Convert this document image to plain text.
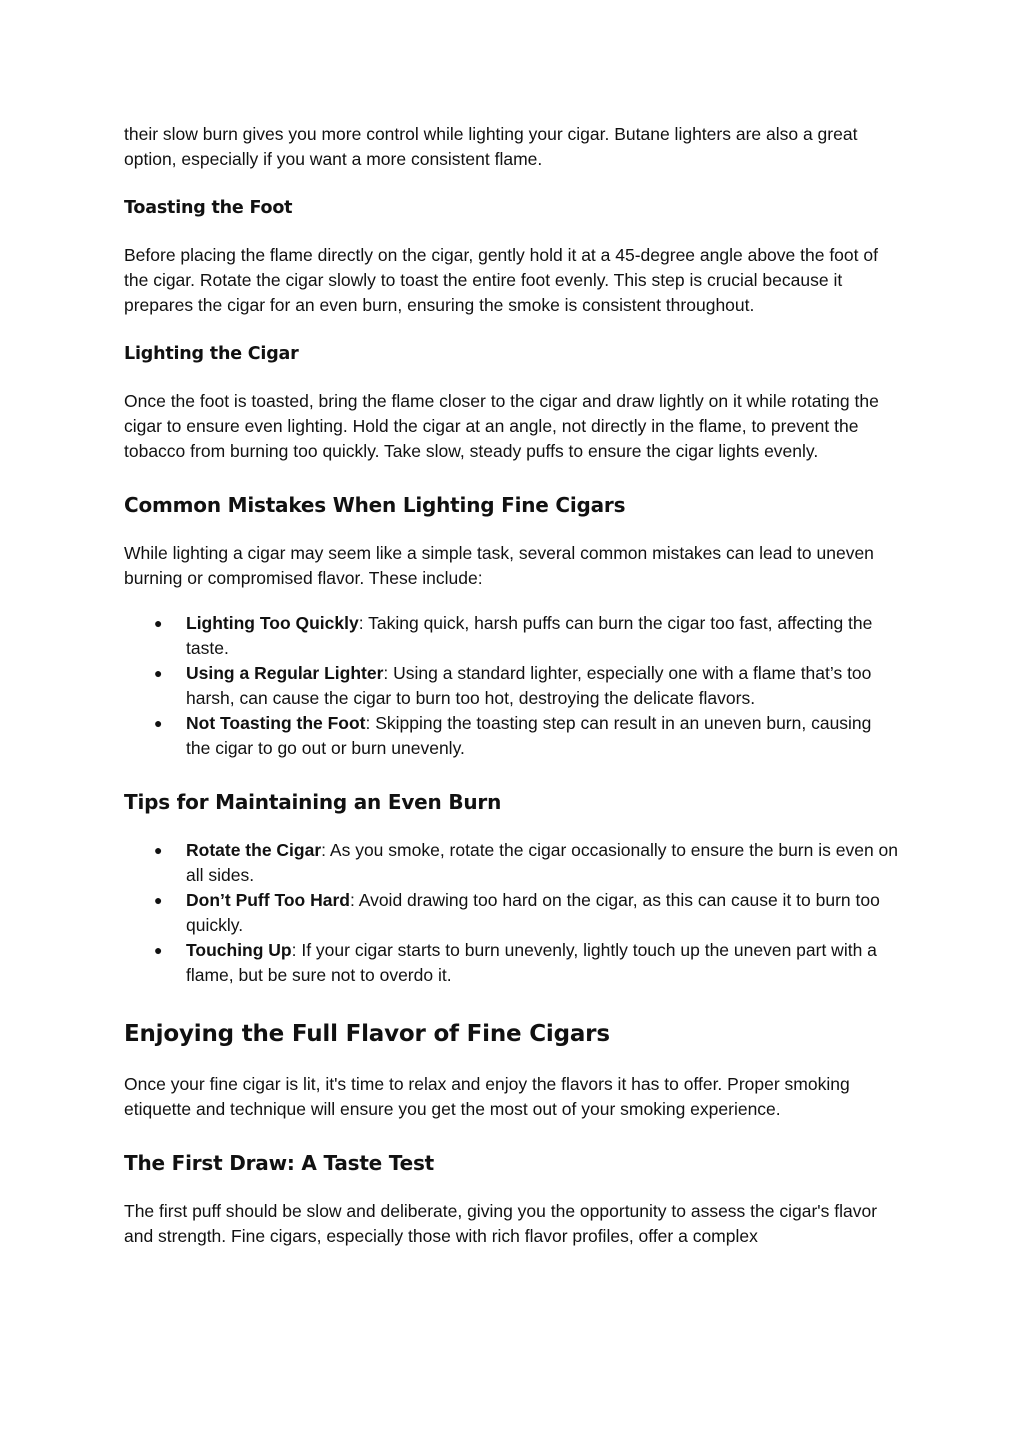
their slow burn gives you more control while lighting your cigar. Butane lighters are also a great option, especially if you want a more consistent flame.

Toasting the Foot

Before placing the flame directly on the cigar, gently hold it at a 45-degree angle above the foot of the cigar. Rotate the cigar slowly to toast the entire foot evenly. This step is crucial because it prepares the cigar for an even burn, ensuring the smoke is consistent throughout.

Lighting the Cigar

Once the foot is toasted, bring the flame closer to the cigar and draw lightly on it while rotating the cigar to ensure even lighting. Hold the cigar at an angle, not directly in the flame, to prevent the tobacco from burning too quickly. Take slow, steady puffs to ensure the cigar lights evenly.

Common Mistakes When Lighting Fine Cigars

While lighting a cigar may seem like a simple task, several common mistakes can lead to uneven burning or compromised flavor. These include:

● Lighting Too Quickly: Taking quick, harsh puffs can burn the cigar too fast, affecting the taste.
● Using a Regular Lighter: Using a standard lighter, especially one with a flame that’s too harsh, can cause the cigar to burn too hot, destroying the delicate flavors.
● Not Toasting the Foot: Skipping the toasting step can result in an uneven burn, causing the cigar to go out or burn unevenly.
Tips for Maintaining an Even Burn
● Rotate the Cigar: As you smoke, rotate the cigar occasionally to ensure the burn is even on all sides.
● Don’t Puff Too Hard: Avoid drawing too hard on the cigar, as this can cause it to burn too quickly.
● Touching Up: If your cigar starts to burn unevenly, lightly touch up the uneven part with a flame, but be sure not to overdo it.
Enjoying the Full Flavor of Fine Cigars

Once your fine cigar is lit, it's time to relax and enjoy the flavors it has to offer. Proper smoking etiquette and technique will ensure you get the most out of your smoking experience.

The First Draw: A Taste Test

The first puff should be slow and deliberate, giving you the opportunity to assess the cigar's flavor and strength. Fine cigars, especially those with rich flavor profiles, offer a complex
